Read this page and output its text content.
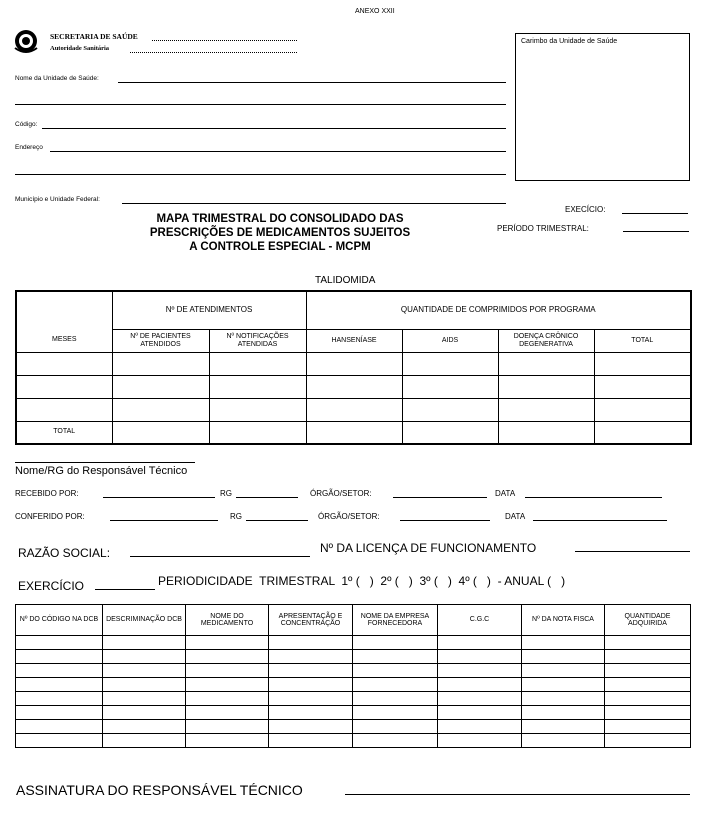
ANEXO XXII
SECRETARIA DE SAÚDE
Autoridade Sanitária
Carimbo da Unidade de Saúde
Nome da Unidade de Saúde:
Código:
Endereço
Município e Unidade Federal:
MAPA TRIMESTRAL DO CONSOLIDADO DAS
PRESCRIÇÕES DE MEDICAMENTOS SUJEITOS
A CONTROLE ESPECIAL - MCPM
EXECÍCIO:
PERÍODO TRIMESTRAL:
TALIDOMIDA
	Nº DE ATENDIMENTOS		QUANTIDADE DE COMPRIMIDOS POR PROGRAMA			
MESES	Nº DE PACIENTES ATENDIDOS	Nº NOTIFICAÇÕES ATENDIDAS	HANSENÍASE	AIDS	DOENÇA CRÔNICO DEGENERATIVA	TOTAL

TOTAL						
Nome/RG do Responsável Técnico
RECEBIDO POR:	RG	ÓRGÃO/SETOR:	DATA
CONFERIDO POR:	RG	ÓRGÃO/SETOR:	DATA
RAZÃO SOCIAL:	Nº DA LICENÇA DE FUNCIONAMENTO
EXERCÍCIO	PERIODICIDADE  TRIMESTRAL  1º (   )  2º (   )  3º (   )  4º (   )  - ANUAL (   )
Nº DO CÓDIGO NA DCB	DESCRIMINAÇÃO DCB	NOME DO MEDICAMENTO	APRESENTAÇÃO E CONCENTRAÇÃO	NOME DA EMPRESA FORNECEDORA	C.G.C	Nº DA NOTA FISCA	QUANTIDADE ADQUIRIDA

ASSINATURA DO RESPONSÁVEL TÉCNICO
